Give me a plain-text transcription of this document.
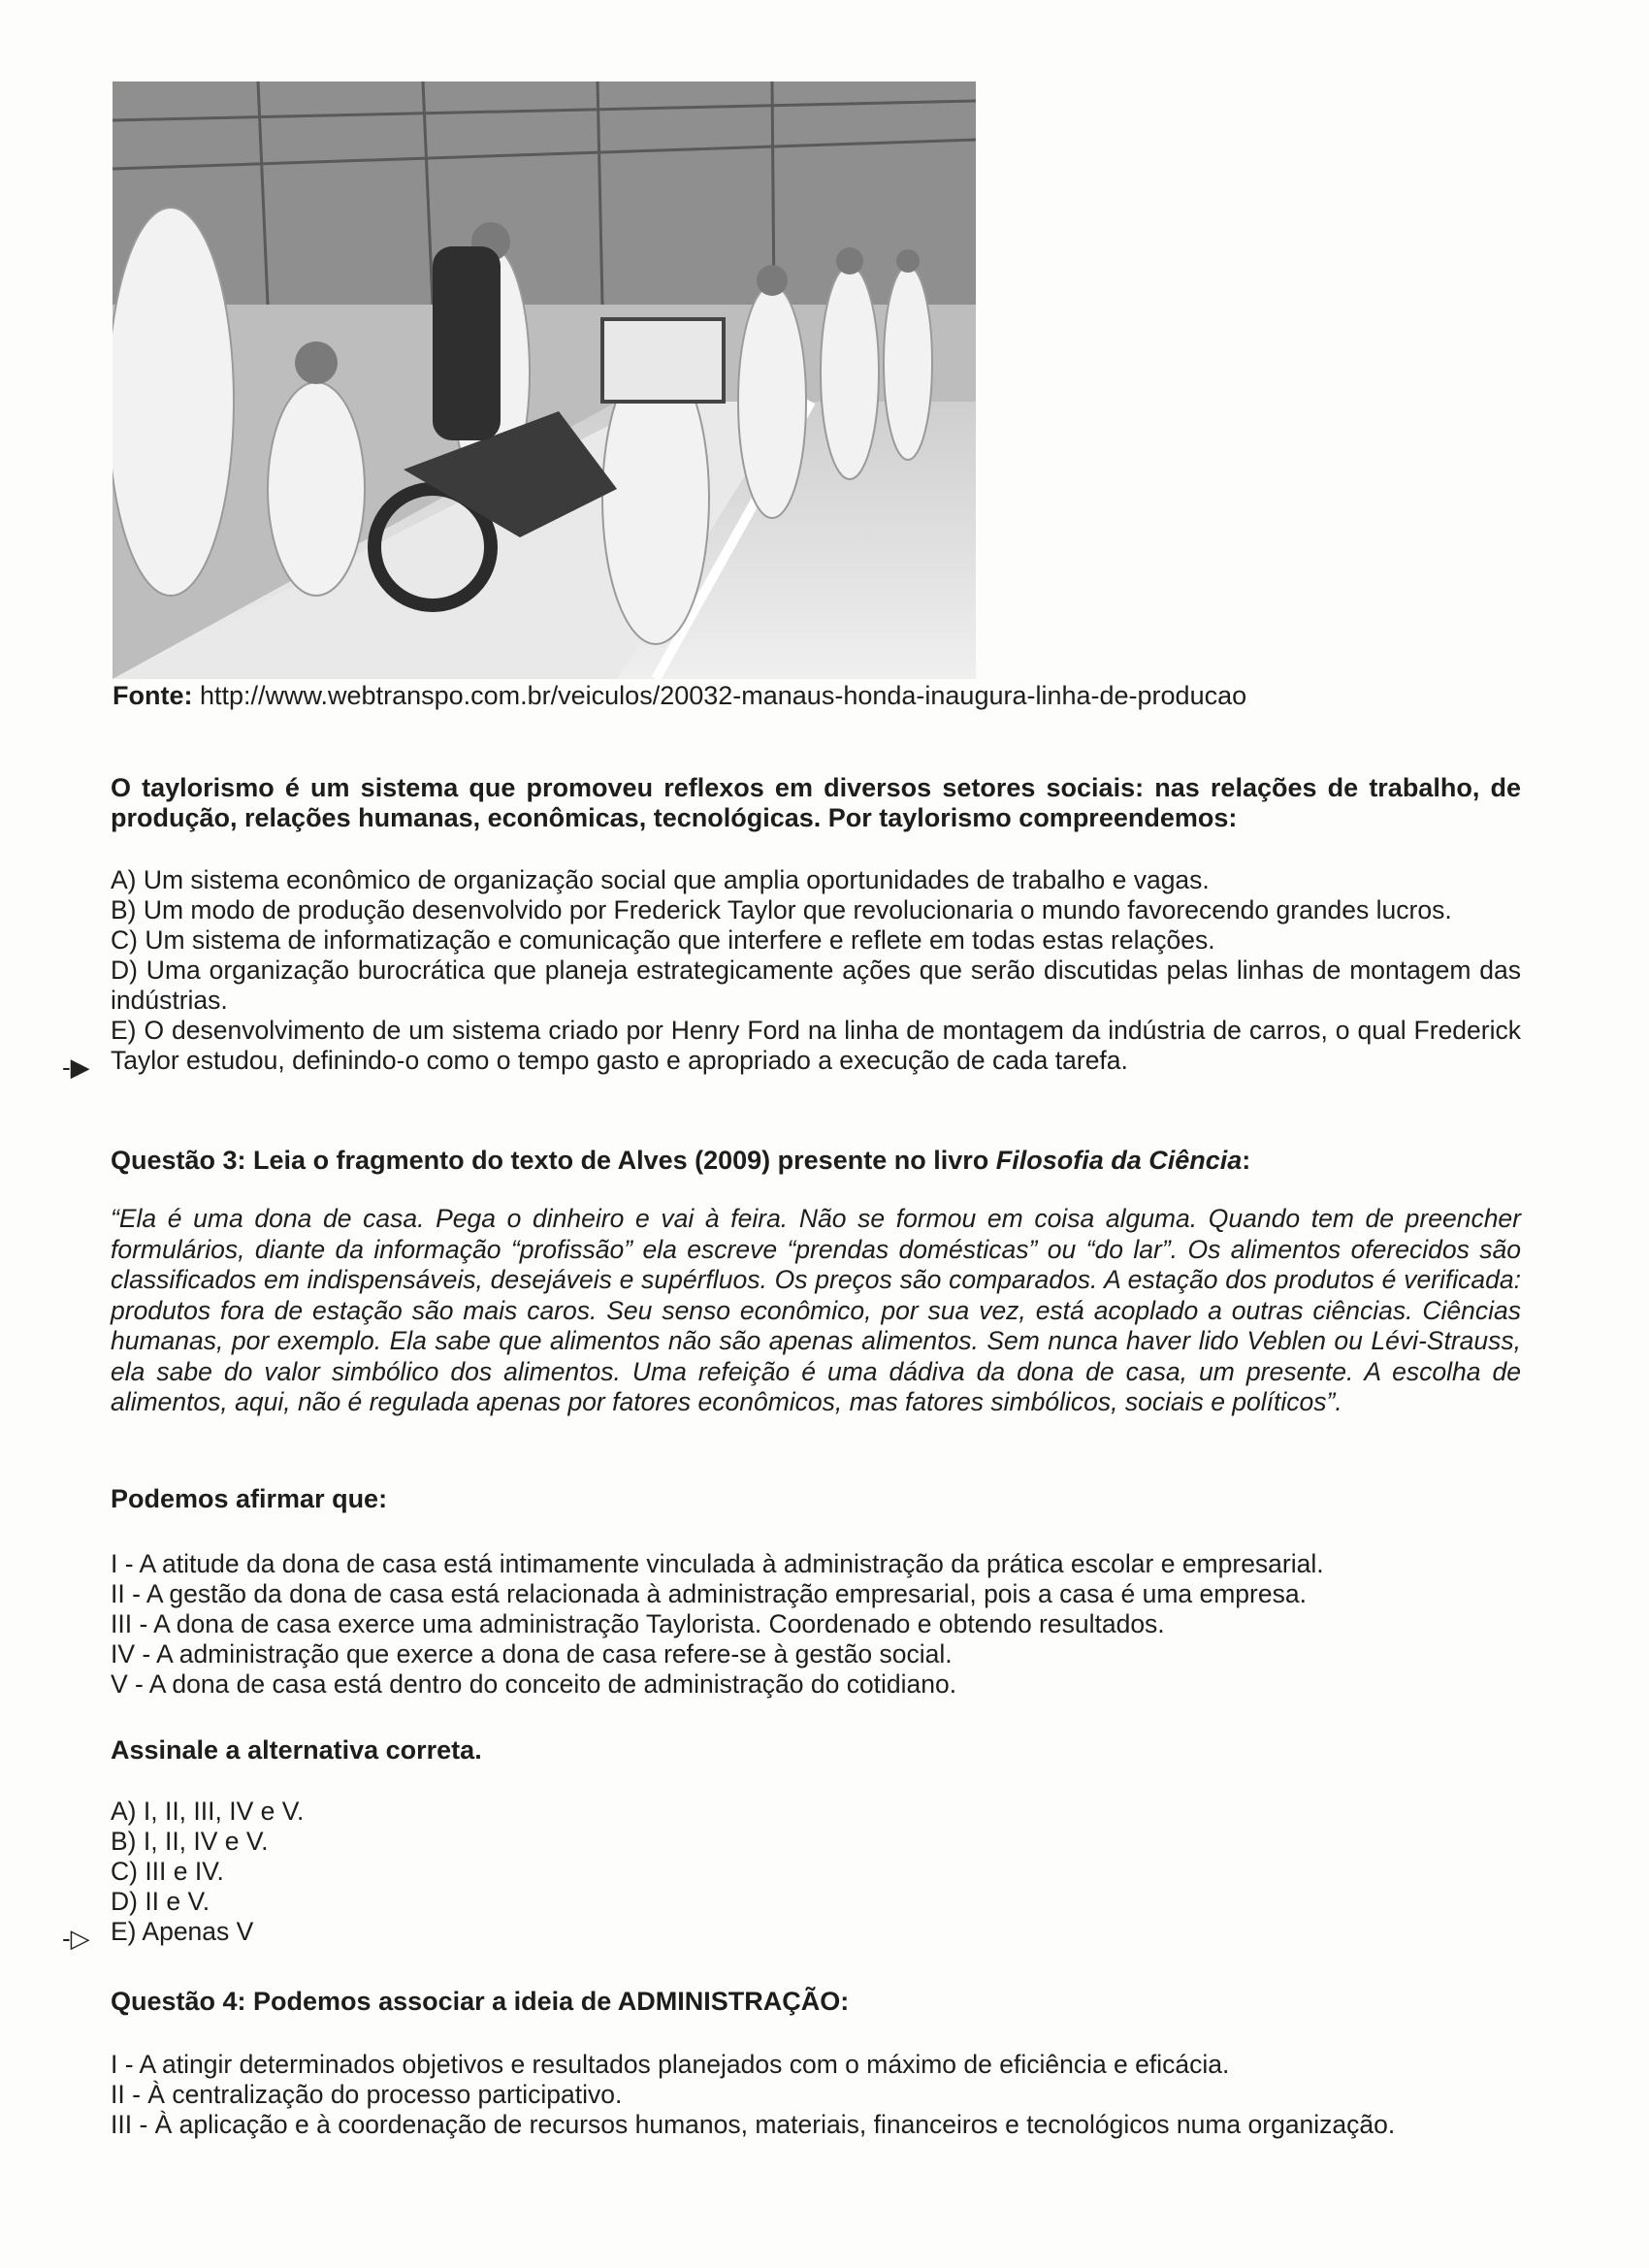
Fonte: http://www.webtranspo.com.br/veiculos/20032-manaus-honda-inaugura-linha-de-producao
O taylorismo é um sistema que promoveu reflexos em diversos setores sociais: nas relações de trabalho, de produção, relações humanas, econômicas, tecnológicas. Por taylorismo compreendemos:

A) Um sistema econômico de organização social que amplia oportunidades de trabalho e vagas.

B) Um modo de produção desenvolvido por Frederick Taylor que revolucionaria o mundo favorecendo grandes lucros.

C) Um sistema de informatização e comunicação que interfere e reflete em todas estas relações.

D) Uma organização burocrática que planeja estrategicamente ações que serão discutidas pelas linhas de montagem das indústrias.

E) O desenvolvimento de um sistema criado por Henry Ford na linha de montagem da indústria de carros, o qual Frederick Taylor estudou, definindo-o como o tempo gasto e apropriado a execução de cada tarefa.

-▶
Questão 3: Leia o fragmento do texto de Alves (2009) presente no livro Filosofia da Ciência:
“Ela é uma dona de casa. Pega o dinheiro e vai à feira. Não se formou em coisa alguma. Quando tem de preencher formulários, diante da informação “profissão” ela escreve “prendas domésticas” ou “do lar”. Os alimentos oferecidos são classificados em indispensáveis, desejáveis e supérfluos. Os preços são comparados. A estação dos produtos é verificada: produtos fora de estação são mais caros. Seu senso econômico, por sua vez, está acoplado a outras ciências. Ciências humanas, por exemplo. Ela sabe que alimentos não são apenas alimentos. Sem nunca haver lido Veblen ou Lévi-Strauss, ela sabe do valor simbólico dos alimentos. Uma refeição é uma dádiva da dona de casa, um presente. A escolha de alimentos, aqui, não é regulada apenas por fatores econômicos, mas fatores simbólicos, sociais e políticos”.
Podemos afirmar que:

I - A atitude da dona de casa está intimamente vinculada à administração da prática escolar e empresarial.

II - A gestão da dona de casa está relacionada à administração empresarial, pois a casa é uma empresa.

III - A dona de casa exerce uma administração Taylorista. Coordenado e obtendo resultados.

IV - A administração que exerce a dona de casa refere-se à gestão social.

V - A dona de casa está dentro do conceito de administração do cotidiano.

Assinale a alternativa correta.

A) I, II, III, IV e V.

B) I, II, IV e V.

C) III e IV.

D) II e V.

E) Apenas V

-▷
Questão 4: Podemos associar a ideia de ADMINISTRAÇÃO:

I - A atingir determinados objetivos e resultados planejados com o máximo de eficiência e eficácia.

II - À centralização do processo participativo.

III - À aplicação e à coordenação de recursos humanos, materiais, financeiros e tecnológicos numa organização.
